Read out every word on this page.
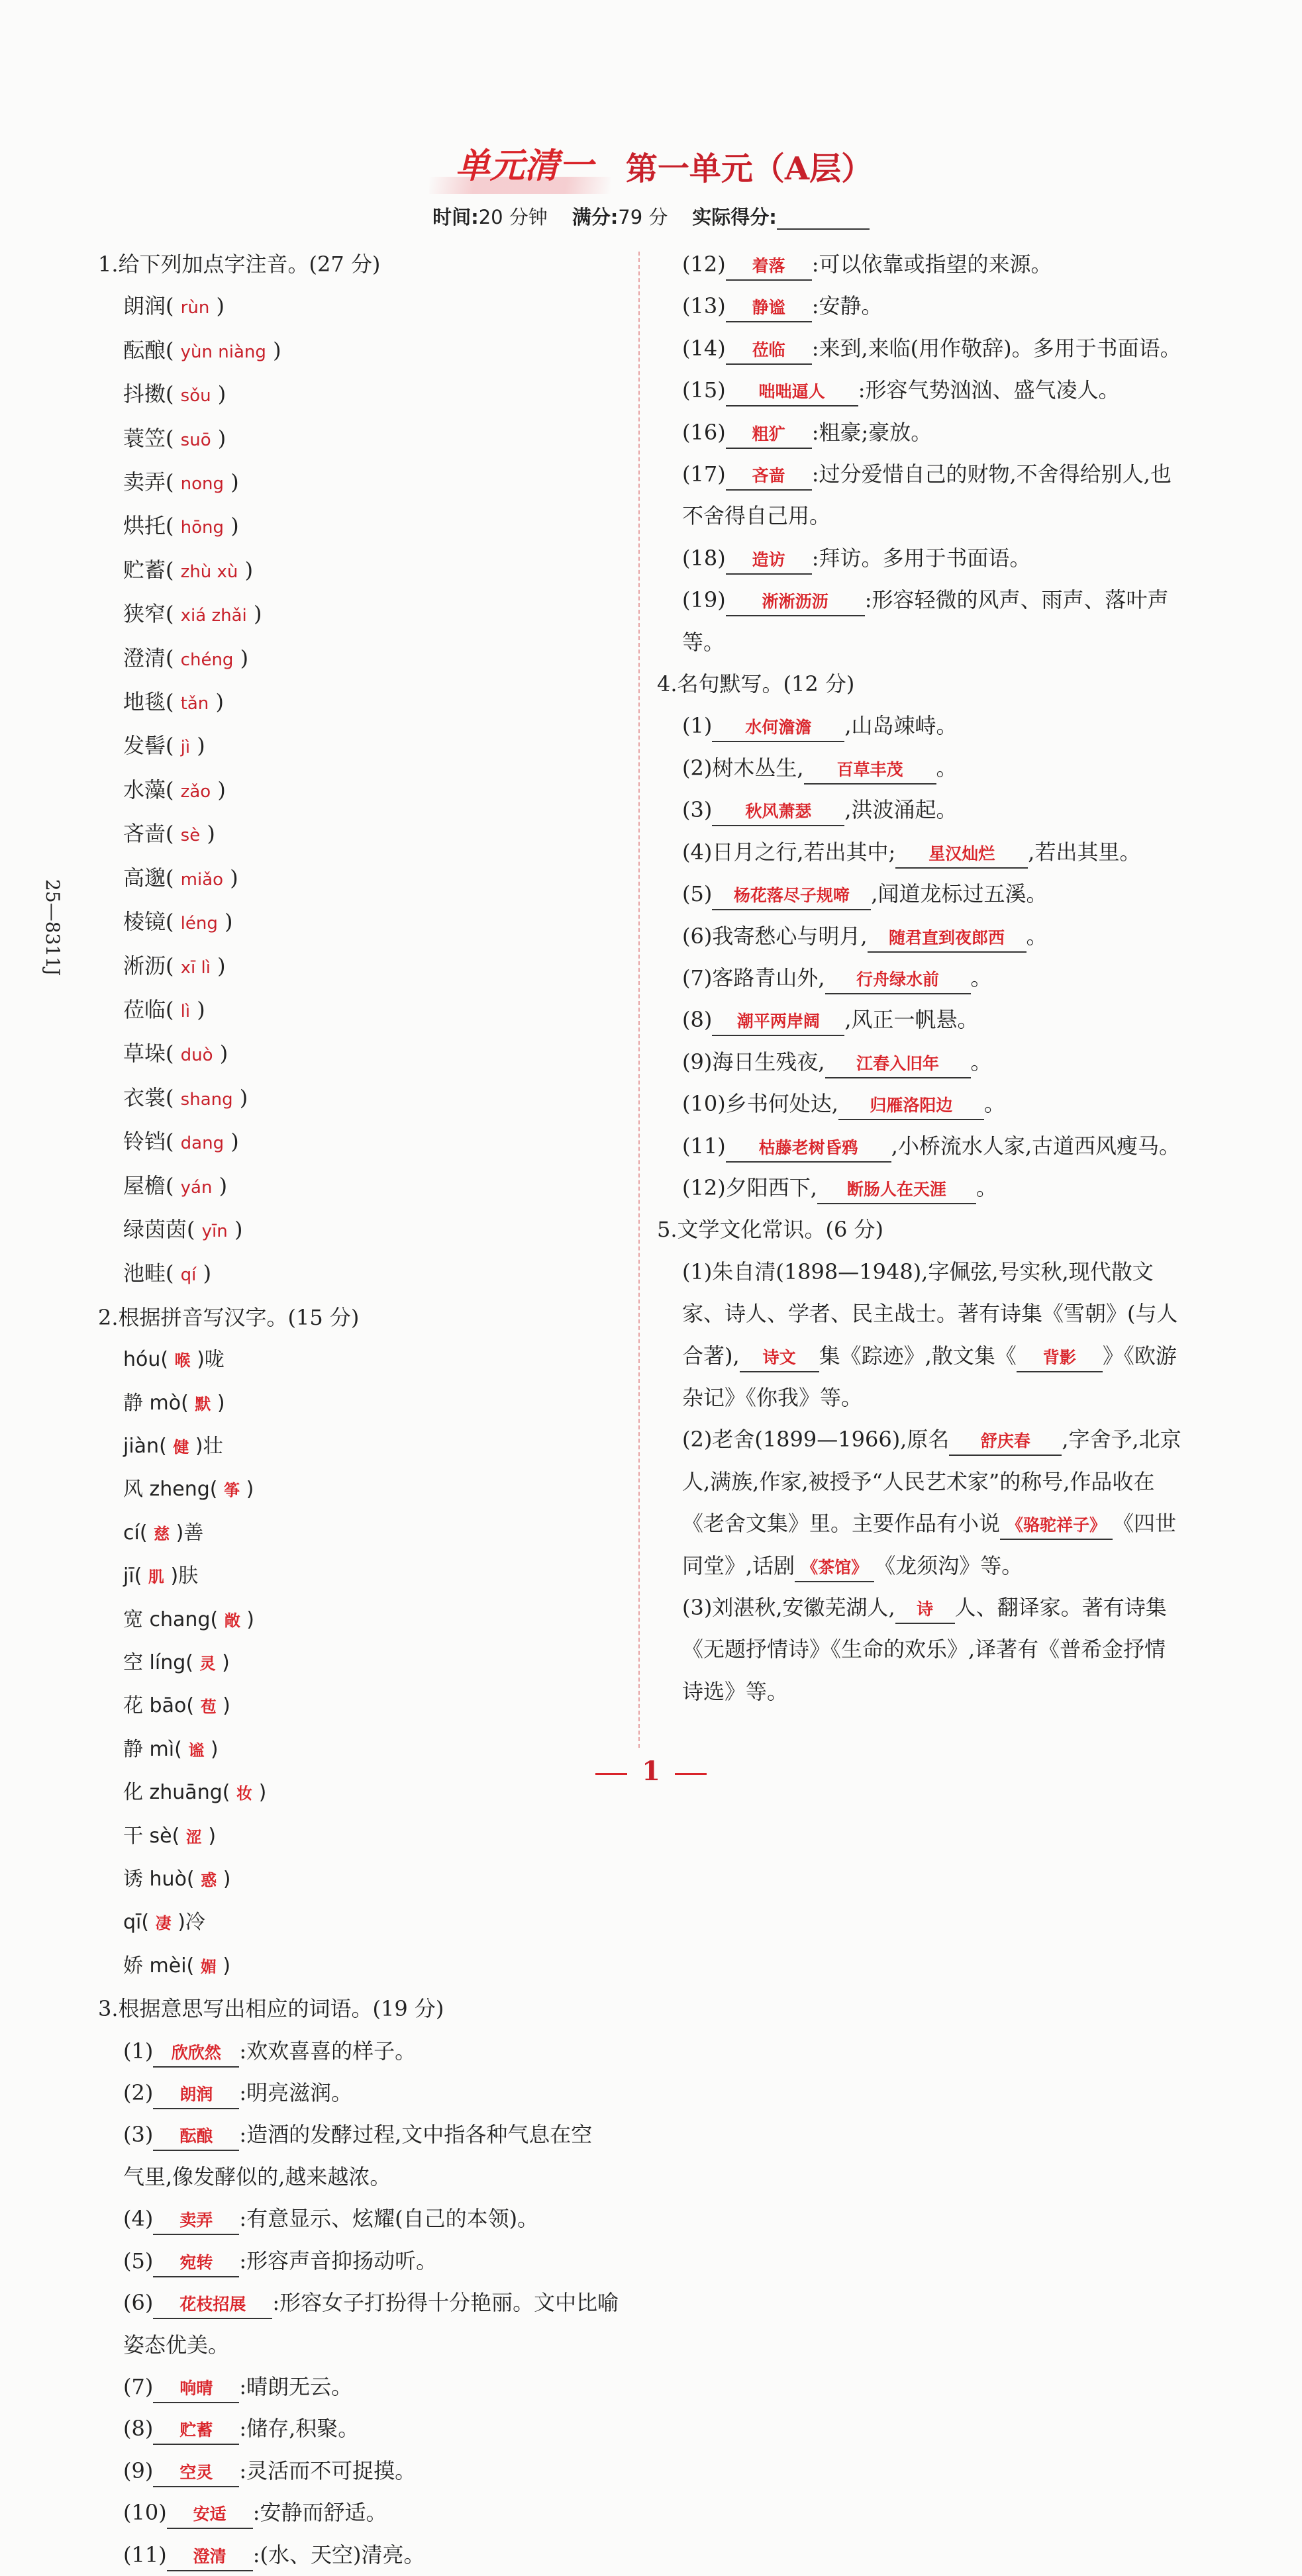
单元清一 第一单元（A层）
时间:20 分钟 满分:79 分 实际得分:
25—8311J
1.给下列加点字注音。(27 分)
朗润( rùn )
酝酿( yùn niàng )
抖擞( sǒu )
蓑笠( suō )
卖弄( nong )
烘托( hōng )
贮蓄( zhù xù )
狭窄( xiá zhǎi )
澄清( chéng )
地毯( tǎn )
发髻( jì )
水藻( zǎo )
吝啬( sè )
高邈( miǎo )
棱镜( léng )
淅沥( xī lì )
莅临( lì )
草垛( duò )
衣裳( shang )
铃铛( dang )
屋檐( yán )
绿茵茵( yīn )
池畦( qí )
2.根据拼音写汉字。(15 分)
hóu( 喉 )咙
静 mò( 默 )
jiàn( 健 )壮
风 zheng( 筝 )
cí( 慈 )善
jī( 肌 )肤
宽 chang( 敞 )
空 líng( 灵 )
花 bāo( 苞 )
静 mì( 谧 )
化 zhuāng( 妆 )
干 sè( 涩 )
诱 huò( 惑 )
qī( 凄 )冷
娇 mèi( 媚 )
3.根据意思写出相应的词语。(19 分)
(1) 欣欣然 :欢欢喜喜的样子。
(2) 朗润 :明亮滋润。
(3) 酝酿 :造酒的发酵过程,文中指各种气息在空气里,像发酵似的,越来越浓。
(4) 卖弄 :有意显示、炫耀(自己的本领)。
(5) 宛转 :形容声音抑扬动听。
(6) 花枝招展 :形容女子打扮得十分艳丽。文中比喻姿态优美。
(7) 响晴 :晴朗无云。
(8) 贮蓄 :储存,积聚。
(9) 空灵 :灵活而不可捉摸。
(10) 安适 :安静而舒适。
(11) 澄清 :(水、天空)清亮。
(12) 着落 :可以依靠或指望的来源。
(13) 静谧 :安静。
(14) 莅临 :来到,来临(用作敬辞)。多用于书面语。
(15) 咄咄逼人 :形容气势汹汹、盛气凌人。
(16) 粗犷 :粗豪;豪放。
(17) 吝啬 :过分爱惜自己的财物,不舍得给别人,也不舍得自己用。
(18) 造访 :拜访。多用于书面语。
(19) 淅淅沥沥 :形容轻微的风声、雨声、落叶声等。
4.名句默写。(12 分)
(1) 水何澹澹 ,山岛竦峙。
(2)树木丛生, 百草丰茂 。
(3) 秋风萧瑟 ,洪波涌起。
(4)日月之行,若出其中; 星汉灿烂 ,若出其里。
(5) 杨花落尽子规啼 ,闻道龙标过五溪。
(6)我寄愁心与明月, 随君直到夜郎西 。
(7)客路青山外, 行舟绿水前 。
(8) 潮平两岸阔 ,风正一帆悬。
(9)海日生残夜, 江春入旧年 。
(10)乡书何处达, 归雁洛阳边 。
(11) 枯藤老树昏鸦 ,小桥流水人家,古道西风瘦马。
(12)夕阳西下, 断肠人在天涯 。
5.文学文化常识。(6 分)
(1)朱自清(1898—1948),字佩弦,号实秋,现代散文家、诗人、学者、民主战士。著有诗集《雪朝》(与人合著), 诗文 集《踪迹》,散文集《 背影 》《欧游杂记》《你我》等。
(2)老舍(1899—1966),原名 舒庆春 ,字舍予,北京人,满族,作家,被授予“人民艺术家”的称号,作品收在《老舍文集》里。主要作品有小说 《骆驼祥子》 《四世同堂》,话剧 《茶馆》 《龙须沟》等。
(3)刘湛秋,安徽芜湖人, 诗 人、翻译家。著有诗集《无题抒情诗》《生命的欢乐》,译著有《普希金抒情诗选》等。
1
